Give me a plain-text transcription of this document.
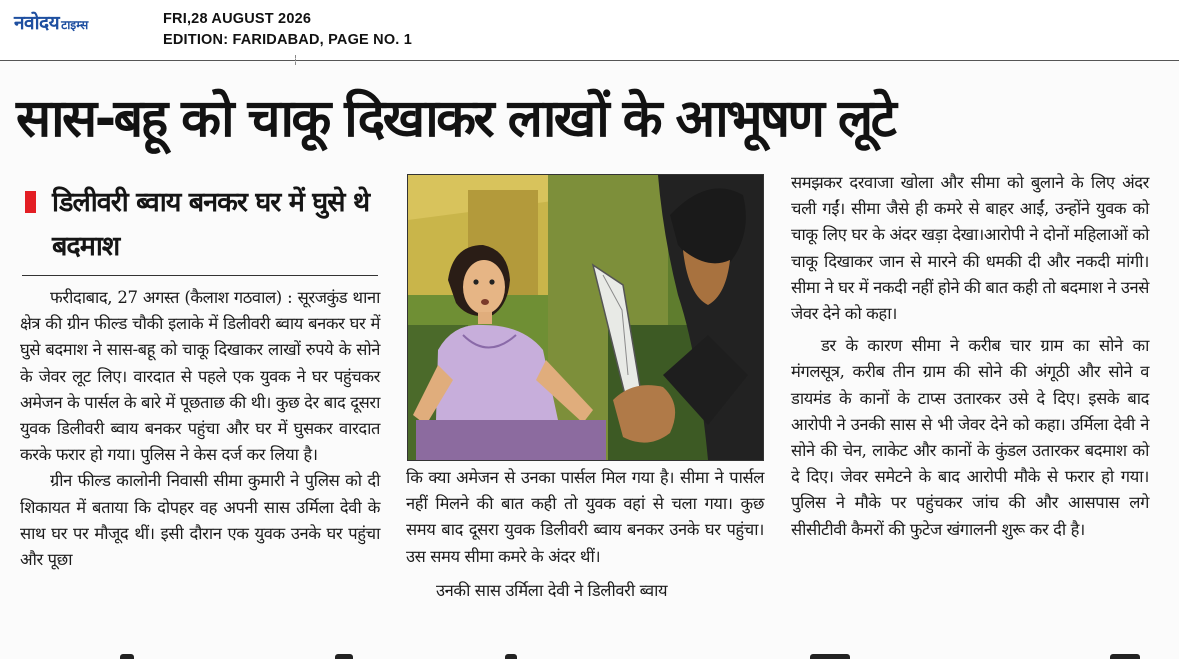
नवोदय टाइम्स	FRI,28 AUGUST 2026
EDITION: FARIDABAD, PAGE NO. 1
सास-बहू को चाकू दिखाकर लाखों के आभूषण लूटे
डिलीवरी ब्वाय बनकर घर में घुसे थे बदमाश

फरीदाबाद, 27 अगस्त (कैलाश गठवाल) : सूरजकुंड थाना क्षेत्र की ग्रीन फील्ड चौकी इलाके में डिलीवरी ब्वाय बनकर घर में घुसे बदमाश ने सास-बहू को चाकू दिखाकर लाखों रुपये के सोने के जेवर लूट लिए। वारदात से पहले एक युवक ने घर पहुंचकर अमेजन के पार्सल के बारे में पूछताछ की थी। कुछ देर बाद दूसरा युवक डिलीवरी ब्वाय बनकर पहुंचा और घर में घुसकर वारदात करके फरार हो गया। पुलिस ने केस दर्ज कर लिया है।

ग्रीन फील्ड कालोनी निवासी सीमा कुमारी ने पुलिस को दी शिकायत में बताया कि दोपहर वह अपनी सास उर्मिला देवी के साथ घर पर मौजूद थीं। इसी दौरान एक युवक उनके घर पहुंचा और पूछा

कि क्या अमेजन से उनका पार्सल मिल गया है। सीमा ने पार्सल नहीं मिलने की बात कही तो युवक वहां से चला गया। कुछ समय बाद दूसरा युवक डिलीवरी ब्वाय बनकर उनके घर पहुंचा। उस समय सीमा कमरे के अंदर थीं।

उनकी सास उर्मिला देवी ने डिलीवरी ब्वाय

समझकर दरवाजा खोला और सीमा को बुलाने के लिए अंदर चली गईं। सीमा जैसे ही कमरे से बाहर आईं, उन्होंने युवक को चाकू लिए घर के अंदर खड़ा देखा।आरोपी ने दोनों महिलाओं को चाकू दिखाकर जान से मारने की धमकी दी और नकदी मांगी। सीमा ने घर में नकदी नहीं होने की बात कही तो बदमाश ने उनसे जेवर देने को कहा।

डर के कारण सीमा ने करीब चार ग्राम का सोने का मंगलसूत्र, करीब तीन ग्राम की सोने की अंगूठी और सोने व डायमंड के कानों के टाप्स उतारकर उसे दे दिए। इसके बाद आरोपी ने उनकी सास से भी जेवर देने को कहा। उर्मिला देवी ने सोने की चेन, लाकेट और कानों के कुंडल उतारकर बदमाश को दे दिए। जेवर समेटने के बाद आरोपी मौके से फरार हो गया। पुलिस ने मौके पर पहुंचकर जांच की और आसपास लगे सीसीटीवी कैमरों की फुटेज खंगालनी शुरू कर दी है।
